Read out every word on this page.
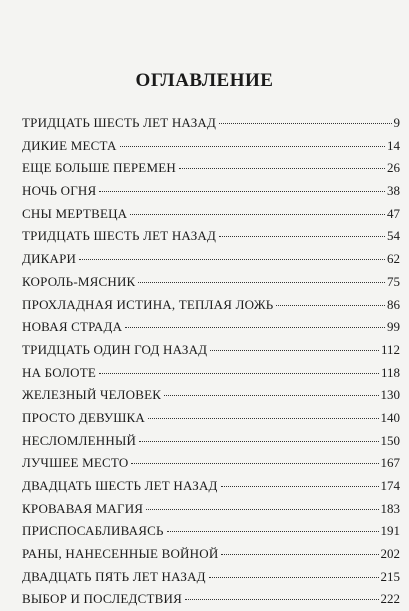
ОГЛАВЛЕНИЕ
ТРИДЦАТЬ ШЕСТЬ ЛЕТ НАЗАД	9
ДИКИЕ МЕСТА	14
ЕЩЕ БОЛЬШЕ ПЕРЕМЕН	26
НОЧЬ ОГНЯ	38
СНЫ МЕРТВЕЦА	47
ТРИДЦАТЬ ШЕСТЬ ЛЕТ НАЗАД	54
ДИКАРИ	62
КОРОЛЬ-МЯСНИК	75
ПРОХЛАДНАЯ ИСТИНА, ТЕПЛАЯ ЛОЖЬ	86
НОВАЯ СТРАДА	99
ТРИДЦАТЬ ОДИН ГОД НАЗАД	112
НА БОЛОТЕ	118
ЖЕЛЕЗНЫЙ ЧЕЛОВЕК	130
ПРОСТО ДЕВУШКА	140
НЕСЛОМЛЕННЫЙ	150
ЛУЧШЕЕ МЕСТО	167
ДВАДЦАТЬ ШЕСТЬ ЛЕТ НАЗАД	174
КРОВАВАЯ МАГИЯ	183
ПРИСПОСАБЛИВАЯСЬ	191
РАНЫ, НАНЕСЕННЫЕ ВОЙНОЙ	202
ДВАДЦАТЬ ПЯТЬ ЛЕТ НАЗАД	215
ВЫБОР И ПОСЛЕДСТВИЯ	222
